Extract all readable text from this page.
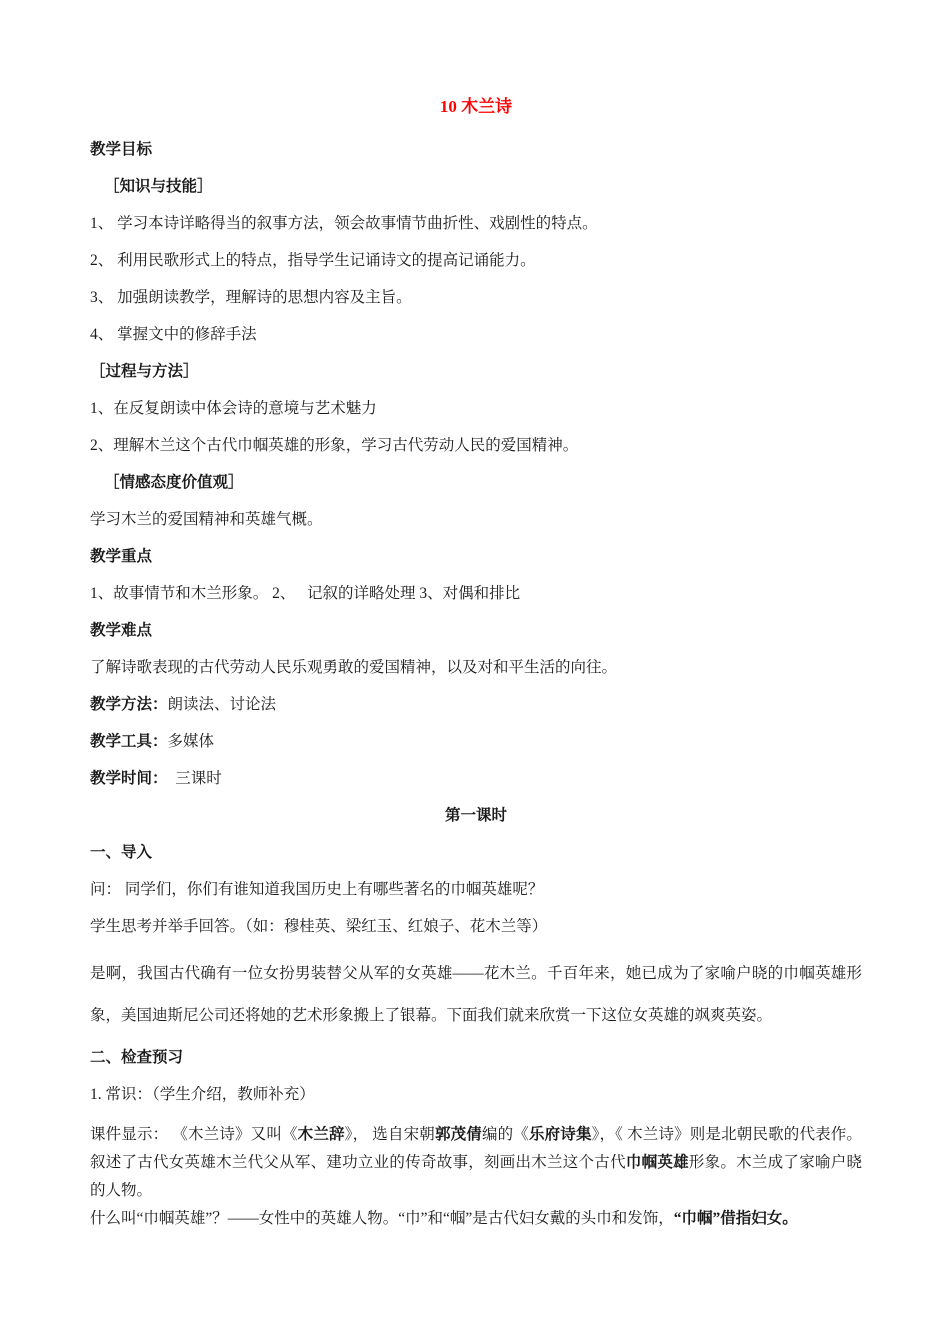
10 木兰诗

教学目标

［知识与技能］

1、 学习本诗详略得当的叙事方法，领会故事情节曲折性、戏剧性的特点。

2、 利用民歌形式上的特点，指导学生记诵诗文的提高记诵能力。

3、 加强朗读教学，理解诗的思想内容及主旨。

4、 掌握文中的修辞手法

［过程与方法］

1、在反复朗读中体会诗的意境与艺术魅力

2、理解木兰这个古代巾帼英雄的形象，学习古代劳动人民的爱国精神。

［情感态度价值观］

学习木兰的爱国精神和英雄气概。

教学重点

1、故事情节和木兰形象。 2、　 记叙的详略处理 3、对偶和排比

教学难点

了解诗歌表现的古代劳动人民乐观勇敢的爱国精神，以及对和平生活的向往。

教学方法：朗读法、讨论法

教学工具：多媒体

教学时间：　三课时

第一课时

一、导入

问： 同学们，你们有谁知道我国历史上有哪些著名的巾帼英雄呢？

学生思考并举手回答。（如：穆桂英、梁红玉、红娘子、花木兰等）

是啊，我国古代确有一位女扮男装替父从军的女英雄——花木兰。千百年来，她已成为了家喻户晓的巾帼英雄形象，美国迪斯尼公司还将她的艺术形象搬上了银幕。下面我们就来欣赏一下这位女英雄的飒爽英姿。

二、检查预习

1. 常识：（学生介绍，教师补充）

课件显示： 《木兰诗》又叫《木兰辞》， 选自宋朝郭茂倩编的《乐府诗集》，《 木兰诗》则是北朝民歌的代表作。叙述了古代女英雄木兰代父从军、建功立业的传奇故事，刻画出木兰这个古代巾帼英雄形象。木兰成了家喻户晓的人物。

什么叫“巾帼英雄”？——女性中的英雄人物。“巾”和“帼”是古代妇女戴的头巾和发饰，“巾帼”借指妇女。
